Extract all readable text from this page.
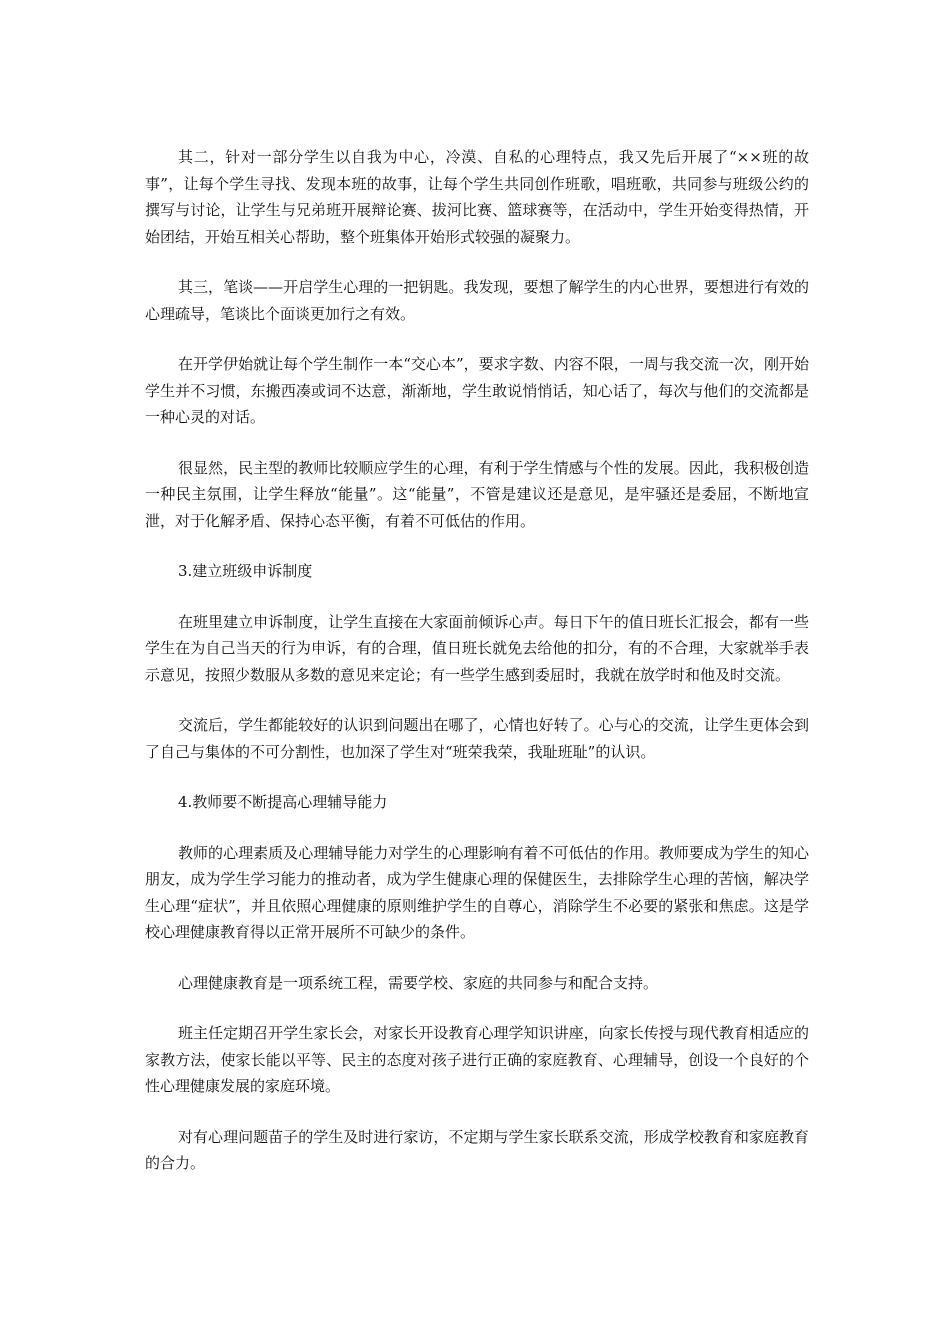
其二，针对一部分学生以自我为中心，冷漠、自私的心理特点，我又先后开展了“××班的故事”，让每个学生寻找、发现本班的故事，让每个学生共同创作班歌，唱班歌，共同参与班级公约的撰写与讨论，让学生与兄弟班开展辩论赛、拔河比赛、篮球赛等，在活动中，学生开始变得热情，开始团结，开始互相关心帮助，整个班集体开始形式较强的凝聚力。

其三，笔谈——开启学生心理的一把钥匙。我发现，要想了解学生的内心世界，要想进行有效的心理疏导，笔谈比个面谈更加行之有效。

在开学伊始就让每个学生制作一本“交心本”，要求字数、内容不限，一周与我交流一次，刚开始学生并不习惯，东搬西凑或词不达意，渐渐地，学生敢说悄悄话，知心话了，每次与他们的交流都是一种心灵的对话。

很显然，民主型的教师比较顺应学生的心理，有利于学生情感与个性的发展。因此，我积极创造一种民主氛围，让学生释放“能量”。这“能量”，不管是建议还是意见，是牢骚还是委屈，不断地宣泄，对于化解矛盾、保持心态平衡，有着不可低估的作用。

3.建立班级申诉制度

在班里建立申诉制度，让学生直接在大家面前倾诉心声。每日下午的值日班长汇报会，都有一些学生在为自己当天的行为申诉，有的合理，值日班长就免去给他的扣分，有的不合理，大家就举手表示意见，按照少数服从多数的意见来定论；有一些学生感到委屈时，我就在放学时和他及时交流。

交流后，学生都能较好的认识到问题出在哪了，心情也好转了。心与心的交流，让学生更体会到了自己与集体的不可分割性，也加深了学生对“班荣我荣，我耻班耻”的认识。

4.教师要不断提高心理辅导能力

教师的心理素质及心理辅导能力对学生的心理影响有着不可低估的作用。教师要成为学生的知心朋友，成为学生学习能力的推动者，成为学生健康心理的保健医生，去排除学生心理的苦恼，解决学生心理“症状”，并且依照心理健康的原则维护学生的自尊心，消除学生不必要的紧张和焦虑。这是学校心理健康教育得以正常开展所不可缺少的条件。

心理健康教育是一项系统工程，需要学校、家庭的共同参与和配合支持。

班主任定期召开学生家长会，对家长开设教育心理学知识讲座，向家长传授与现代教育相适应的家教方法，使家长能以平等、民主的态度对孩子进行正确的家庭教育、心理辅导，创设一个良好的个性心理健康发展的家庭环境。

对有心理问题苗子的学生及时进行家访，不定期与学生家长联系交流，形成学校教育和家庭教育的合力。
